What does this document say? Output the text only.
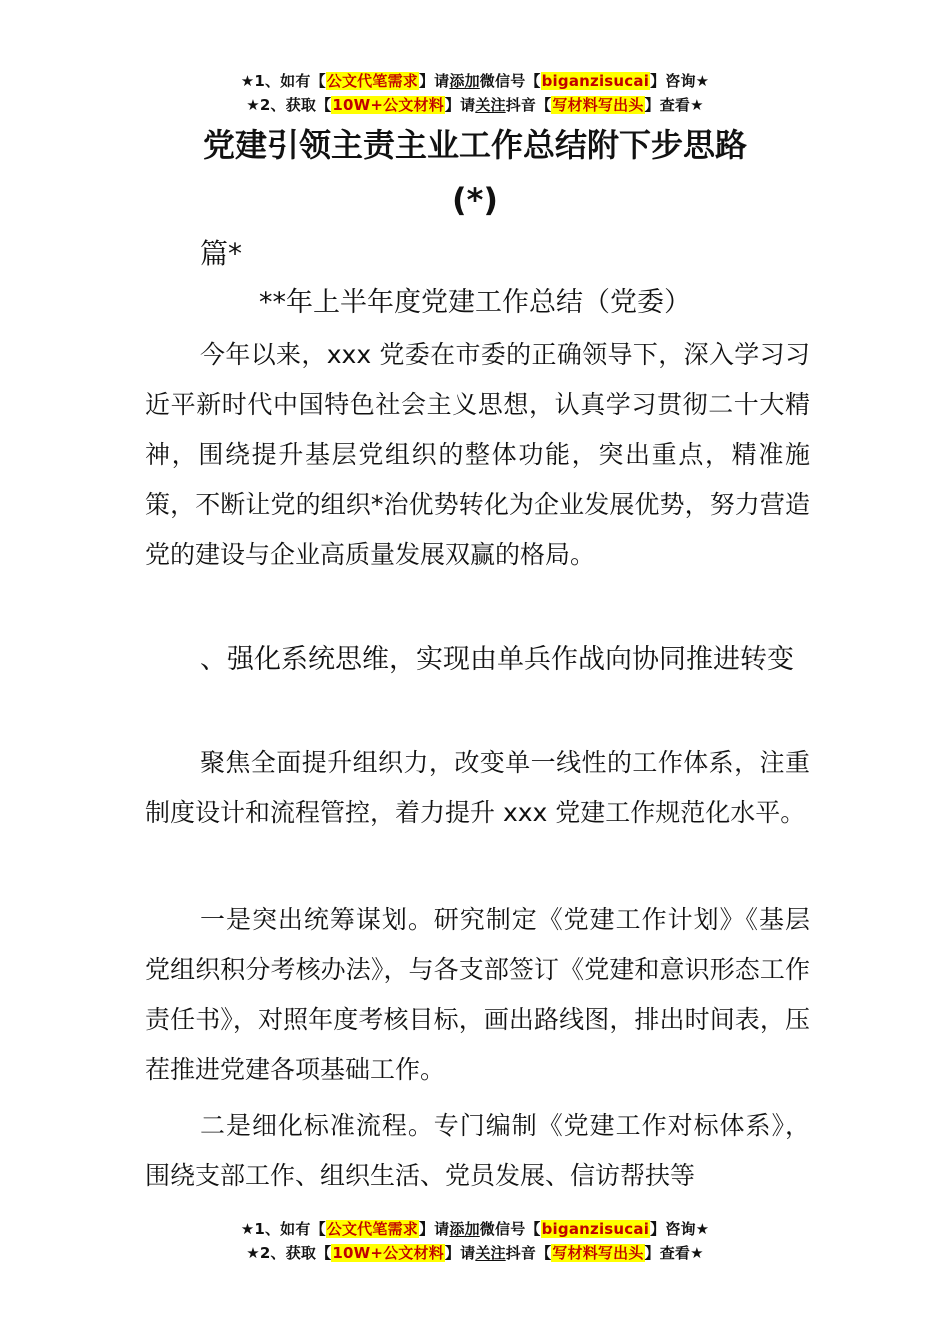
★1、如有【公文代笔需求】请添加微信号【biganzisucai】咨询★
★2、获取【10W+公文材料】请关注抖音【写材料写出头】查看★
党建引领主责主业工作总结附下步思路
(*)
篇*
**年上半年度党建工作总结（党委）
今年以来，xxx 党委在市委的正确领导下，深入学习习近平新时代中国特色社会主义思想，认真学习贯彻二十大精神，围绕提升基层党组织的整体功能，突出重点，精准施策，不断让党的组织*治优势转化为企业发展优势，努力营造党的建设与企业高质量发展双赢的格局。
、强化系统思维，实现由单兵作战向协同推进转变
聚焦全面提升组织力，改变单一线性的工作体系，注重制度设计和流程管控，着力提升 xxx 党建工作规范化水平。
一是突出统筹谋划。研究制定《党建工作计划》《基层党组织积分考核办法》，与各支部签订《党建和意识形态工作责任书》，对照年度考核目标，画出路线图，排出时间表，压茬推进党建各项基础工作。
二是细化标准流程。专门编制《党建工作对标体系》，围绕支部工作、组织生活、党员发展、信访帮扶等
★1、如有【公文代笔需求】请添加微信号【biganzisucai】咨询★
★2、获取【10W+公文材料】请关注抖音【写材料写出头】查看★
